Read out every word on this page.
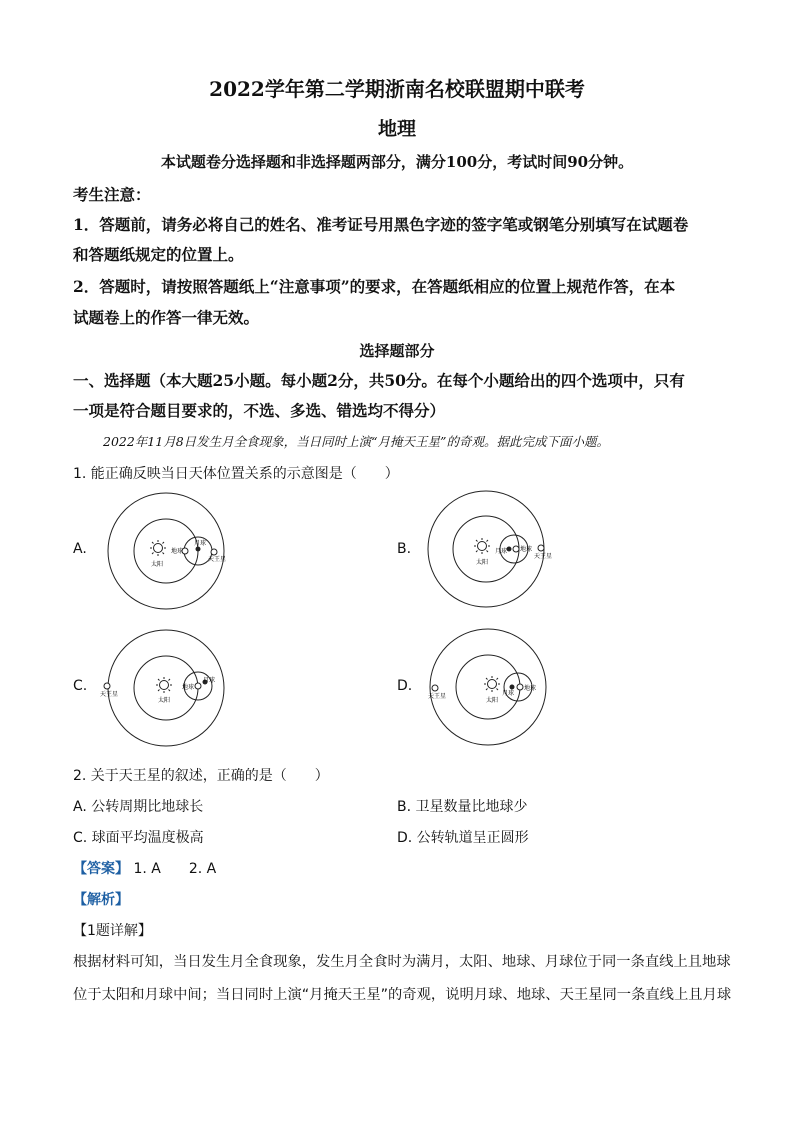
2022学年第二学期浙南名校联盟期中联考
地理
本试题卷分选择题和非选择题两部分，满分100分，考试时间90分钟。
考生注意：
1．答题前，请务必将自己的姓名、准考证号用黑色字迹的签字笔或钢笔分别填写在试题卷
和答题纸规定的位置上。
2．答题时，请按照答题纸上“注意事项”的要求，在答题纸相应的位置上规范作答，在本
试题卷上的作答一律无效。
选择题部分
一、选择题（本大题25小题。每小题2分，共50分。在每个小题给出的四个选项中，只有
一项是符合题目要求的，不选、多选、错选均不得分）
2022年11月8日发生月全食现象，当日同时上演“月掩天王星”的奇观。据此完成下面小题。
1. 能正确反映当日天体位置关系的示意图是（　　）
A.
太阳
地球
月球
天王星
B.
太阳
月球 地球
天王星
C.
太阳
地球
月球
天王星
D.
太阳
月球
地球
天王星
2. 关于天王星的叙述，正确的是（　　）
A. 公转周期比地球长	B. 卫星数量比地球少
C. 球面平均温度极高	D. 公转轨道呈正圆形
【答案】 1. A　　2. A
【解析】
【1题详解】
根据材料可知，当日发生月全食现象，发生月全食时为满月，太阳、地球、月球位于同一条直线上且地球
位于太阳和月球中间；当日同时上演“月掩天王星”的奇观，说明月球、地球、天王星同一条直线上且月球
